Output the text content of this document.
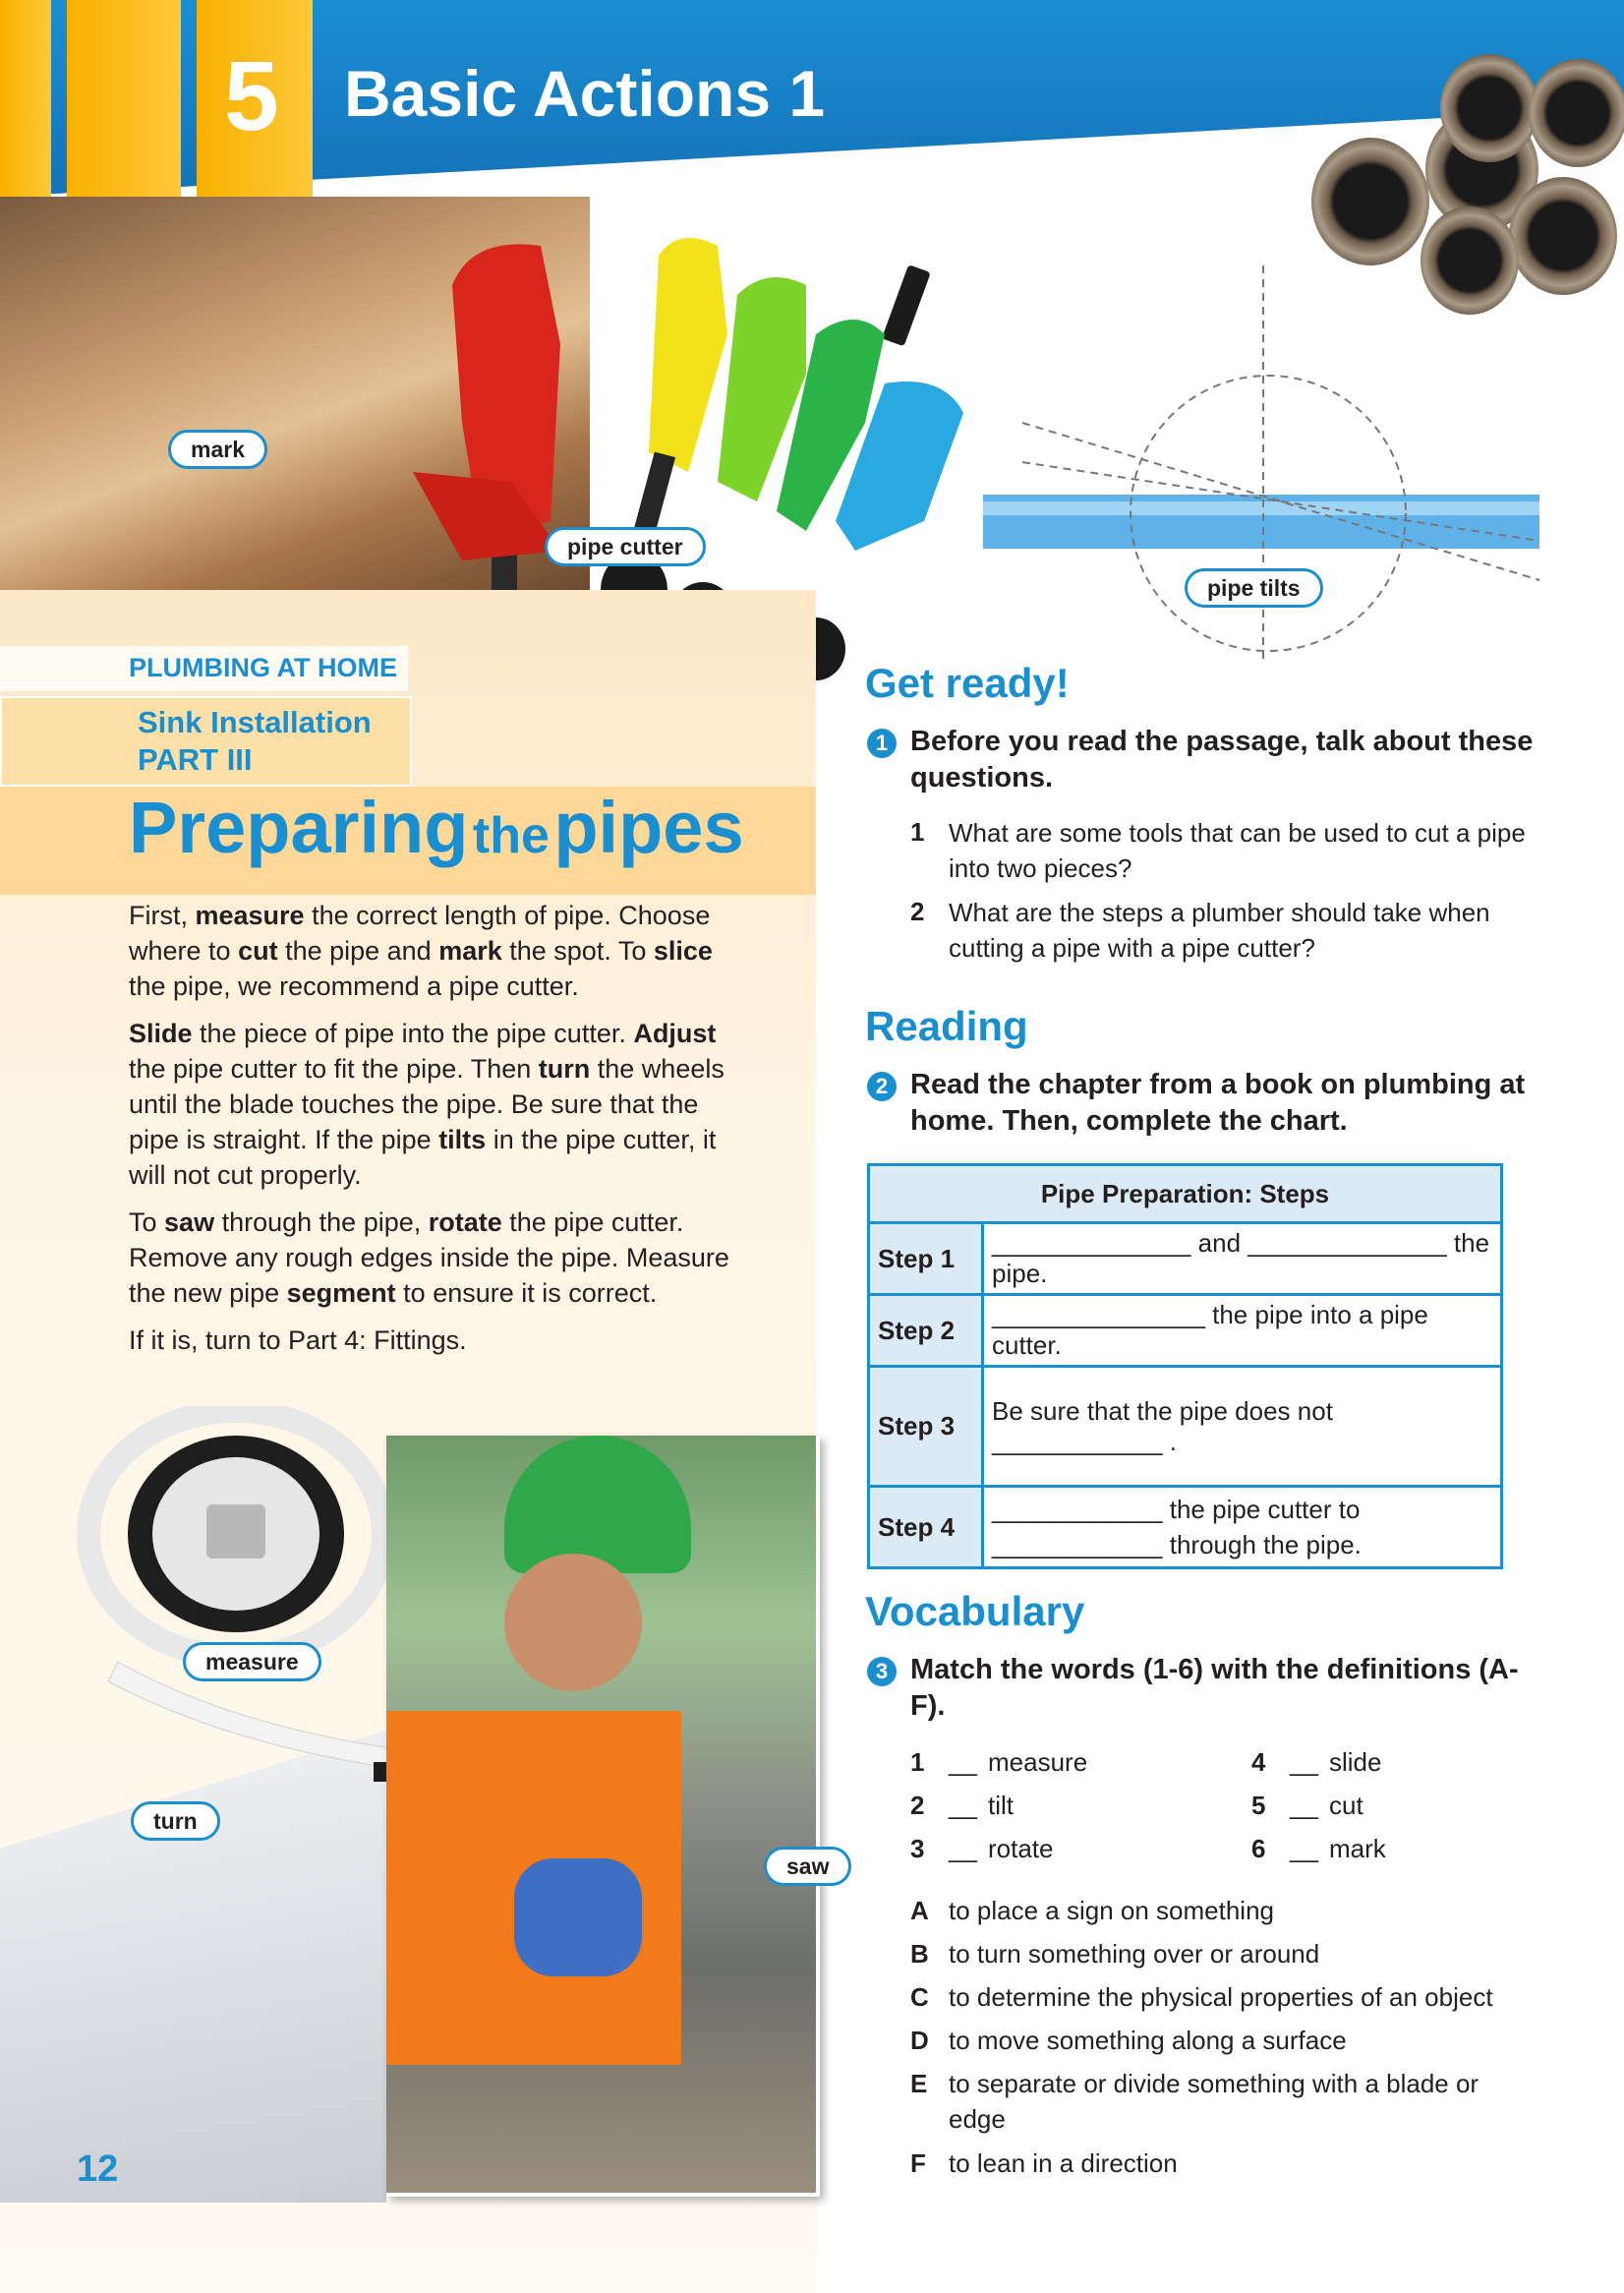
5 Basic Actions 1
PLUMBING AT HOME
Sink Installation
PART III
Preparing the pipes
First, measure the correct length of pipe. Choose where to cut the pipe and mark the spot. To slice the pipe, we recommend a pipe cutter.
Slide the piece of pipe into the pipe cutter. Adjust the pipe cutter to fit the pipe. Then turn the wheels until the blade touches the pipe. Be sure that the pipe is straight. If the pipe tilts in the pipe cutter, it will not cut properly.
To saw through the pipe, rotate the pipe cutter. Remove any rough edges inside the pipe. Measure the new pipe segment to ensure it is correct.
If it is, turn to Part 4: Fittings.
mark
pipe cutter
pipe tilts
measure
turn
saw
12
Get ready!
1 Before you read the passage, talk about these questions.
1 What are some tools that can be used to cut a pipe into two pieces?
2 What are the steps a plumber should take when cutting a pipe with a pipe cutter?
Reading
2 Read the chapter from a book on plumbing at home. Then, complete the chart.
Pipe Preparation: Steps	
Step 1	______________ and ______________ the pipe.
Step 2	_______________ the pipe into a pipe cutter.
Step 3	Be sure that the pipe does not ____________ .
Step 4	____________ the pipe cutter to ____________ through the pipe.
Vocabulary
3 Match the words (1-6) with the definitions (A-F).
1 __ measure
2 __ tilt
3 __ rotate
4 __ slide
5 __ cut
6 __ mark
A to place a sign on something
B to turn something over or around
C to determine the physical properties of an object
D to move something along a surface
E to separate or divide something with a blade or edge
F to lean in a direction
